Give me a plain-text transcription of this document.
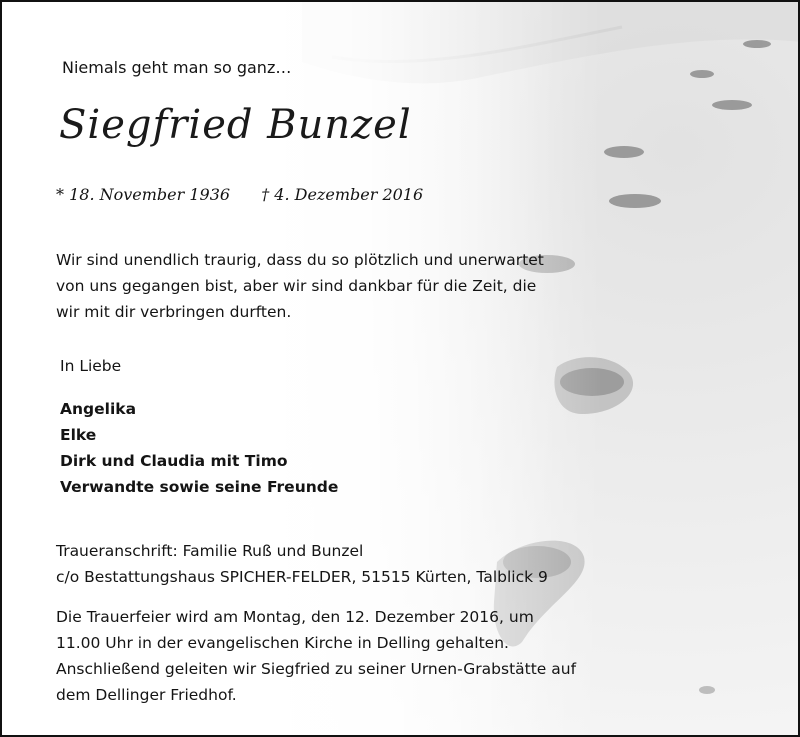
Niemals geht man so ganz…

Siegfried Bunzel
* 18. November 1936 † 4. Dezember 2016
Wir sind unendlich traurig, dass du so plötzlich und unerwartet
von uns gegangen bist, aber wir sind dankbar für die Zeit, die
wir mit dir verbringen durften.

In Liebe

Angelika
Elke
Dirk und Claudia mit Timo
Verwandte sowie seine Freunde
Traueranschrift: Familie Ruß und Bunzel
c/o Bestattungshaus SPICHER-FELDER, 51515 Kürten, Talblick 9
Die Trauerfeier wird am Montag, den 12. Dezember 2016, um
11.00 Uhr in der evangelischen Kirche in Delling gehalten.
Anschließend geleiten wir Siegfried zu seiner Urnen-Grabstätte auf
dem Dellinger Friedhof.
